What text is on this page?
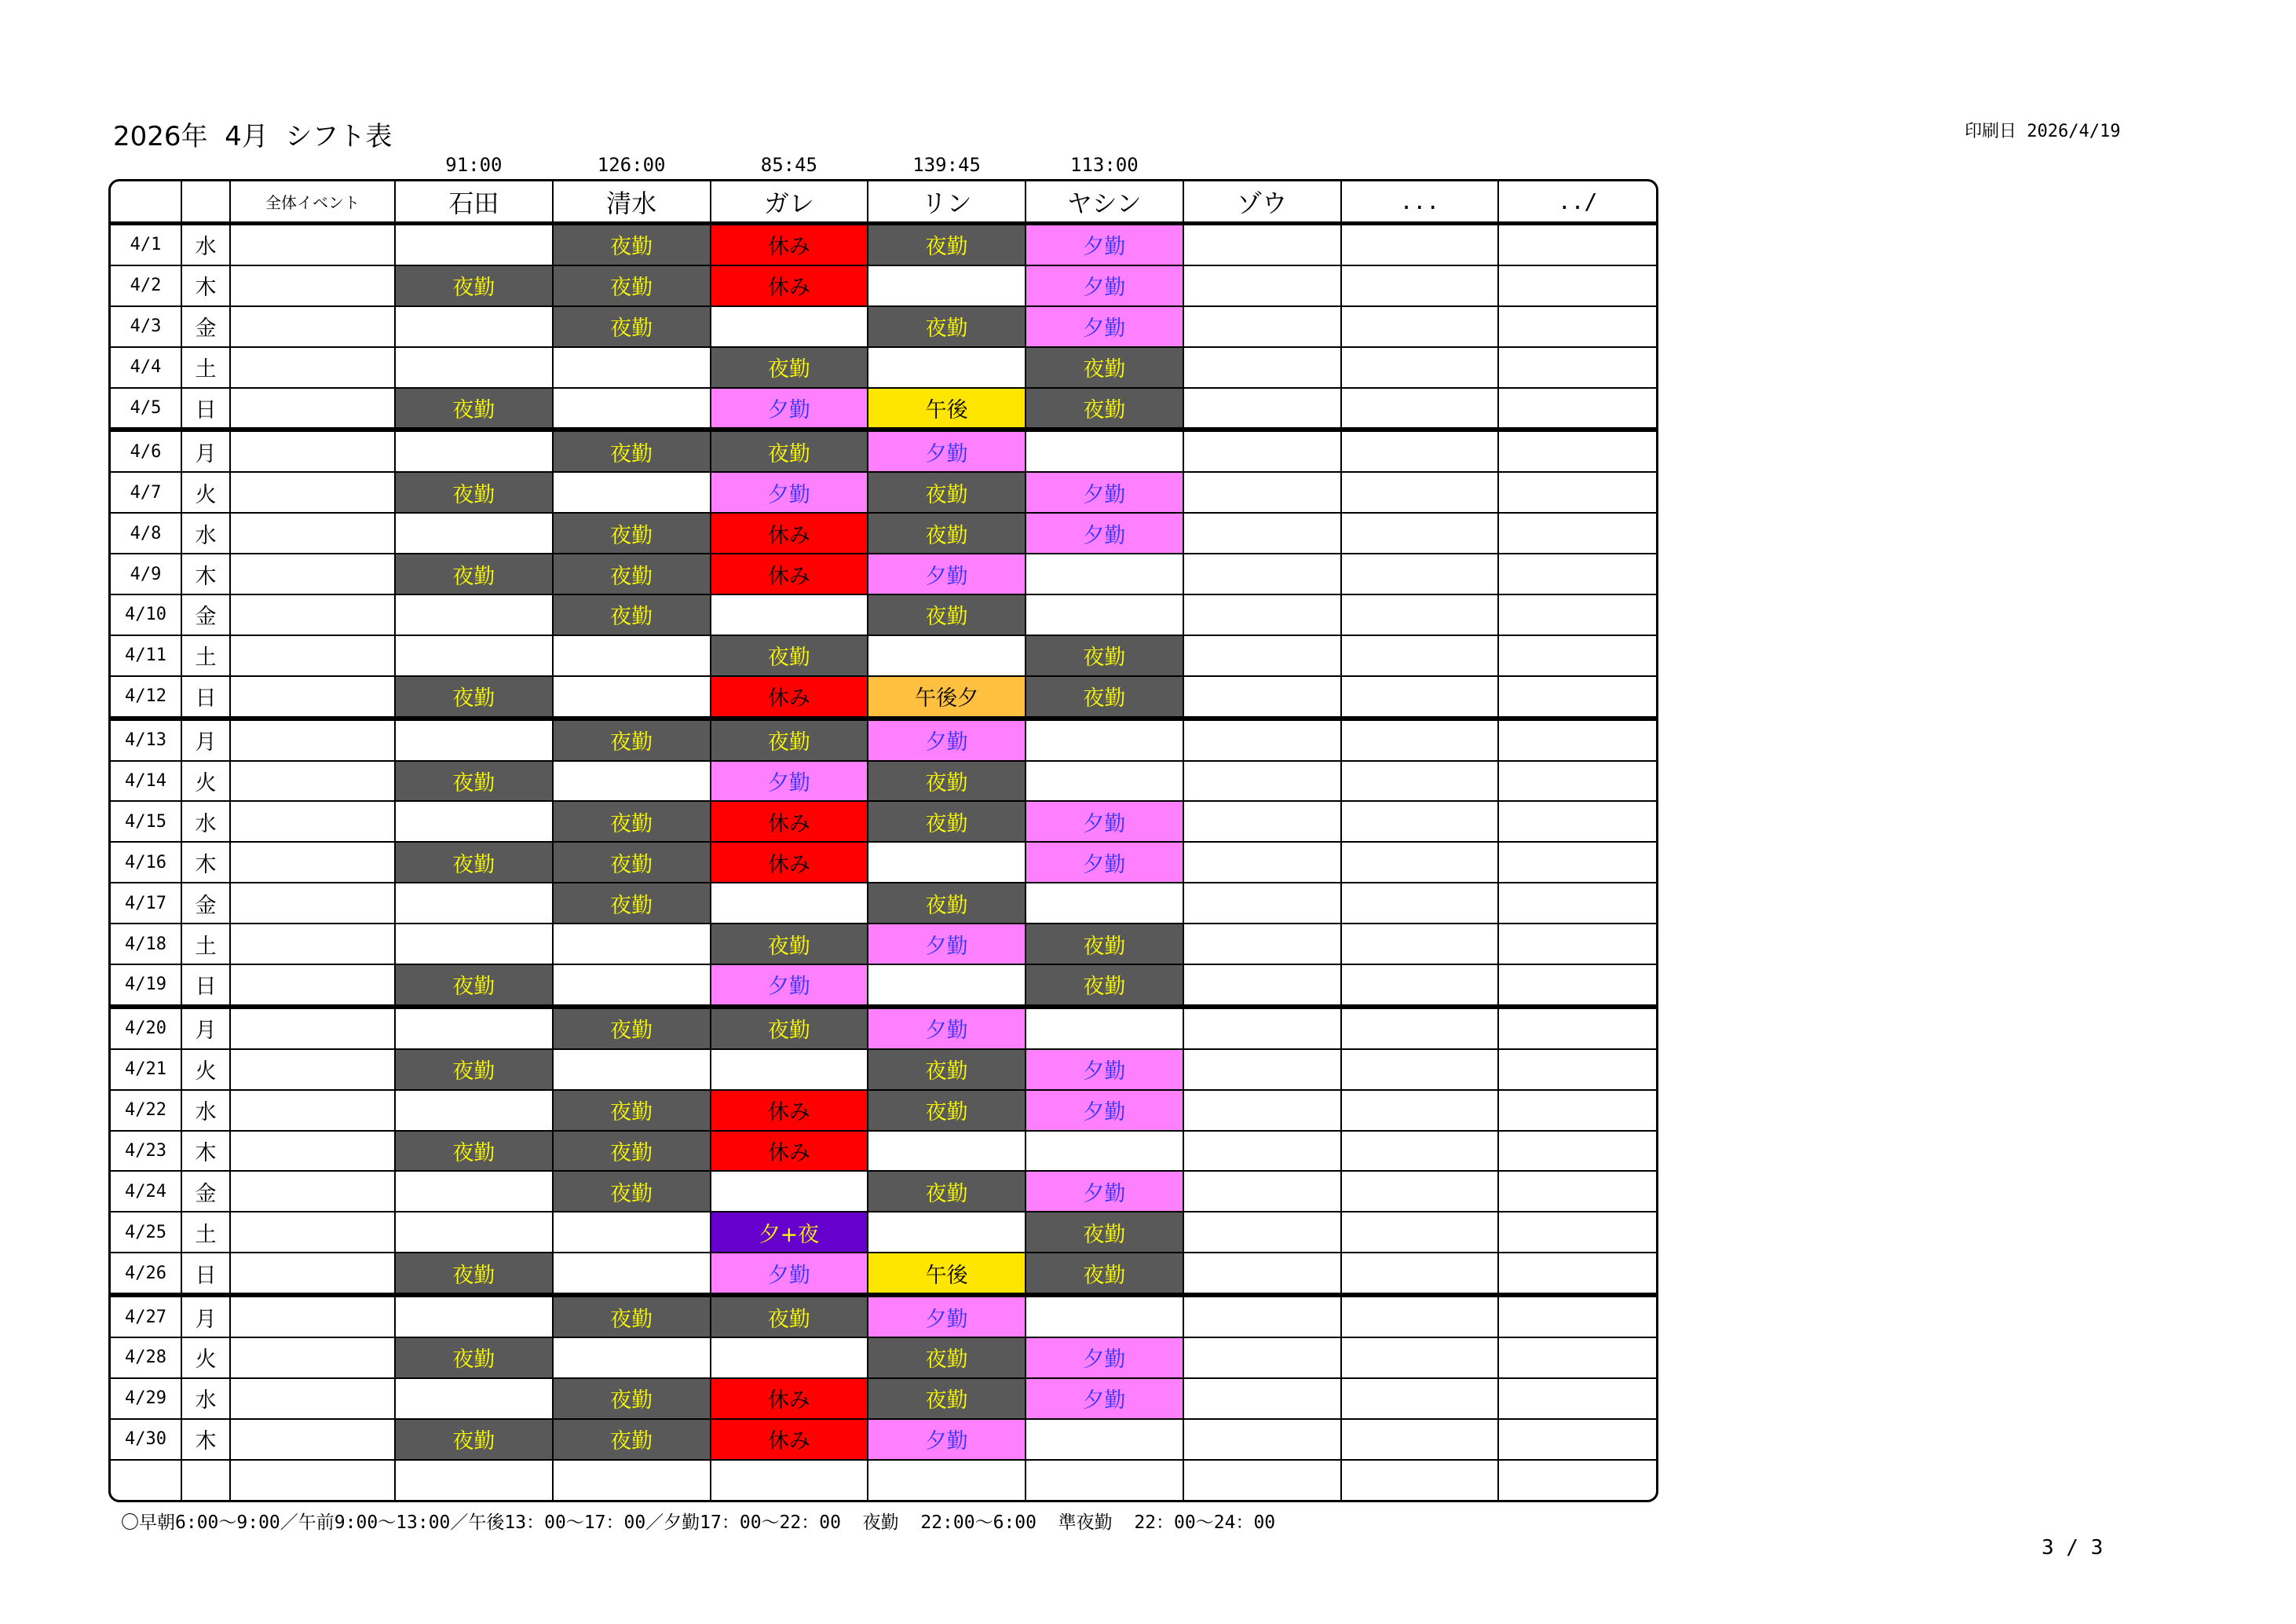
2026年  4月  シフト表	印刷日 2026/4/19
91:00	126:00	85:45	139:45	113:00
		全体イベント	石田	清水	ガレ	リン	ヤシン	ゾウ	...	../
4/1	水			夜勤	休み	夜勤	夕勤			
4/2	木		夜勤	夜勤	休み		夕勤			
4/3	金			夜勤		夜勤	夕勤			
4/4	土				夜勤		夜勤			
4/5	日		夜勤		夕勤	午後	夜勤			
4/6	月			夜勤	夜勤	夕勤				
4/7	火		夜勤		夕勤	夜勤	夕勤			
4/8	水			夜勤	休み	夜勤	夕勤			
4/9	木		夜勤	夜勤	休み	夕勤				
4/10	金			夜勤		夜勤				
4/11	土				夜勤		夜勤			
4/12	日		夜勤		休み	午後夕	夜勤			
4/13	月			夜勤	夜勤	夕勤				
4/14	火		夜勤		夕勤	夜勤				
4/15	水			夜勤	休み	夜勤	夕勤			
4/16	木		夜勤	夜勤	休み		夕勤			
4/17	金			夜勤		夜勤				
4/18	土				夜勤	夕勤	夜勤			
4/19	日		夜勤		夕勤		夜勤			
4/20	月			夜勤	夜勤	夕勤				
4/21	火		夜勤			夜勤	夕勤			
4/22	水			夜勤	休み	夜勤	夕勤			
4/23	木		夜勤	夜勤	休み					
4/24	金			夜勤		夜勤	夕勤			
4/25	土				夕+夜		夜勤			
4/26	日		夜勤		夕勤	午後	夜勤			
4/27	月			夜勤	夜勤	夕勤				
4/28	火		夜勤			夜勤	夕勤			
4/29	水			夜勤	休み	夜勤	夕勤			
4/30	木		夜勤	夜勤	休み	夕勤				

〇早朝6:00〜9:00／午前9:00〜13:00／午後13：00〜17：00／夕勤17：00〜22：00  夜勤  22:00〜6:00  準夜勤  22：00〜24：00
3 / 3
